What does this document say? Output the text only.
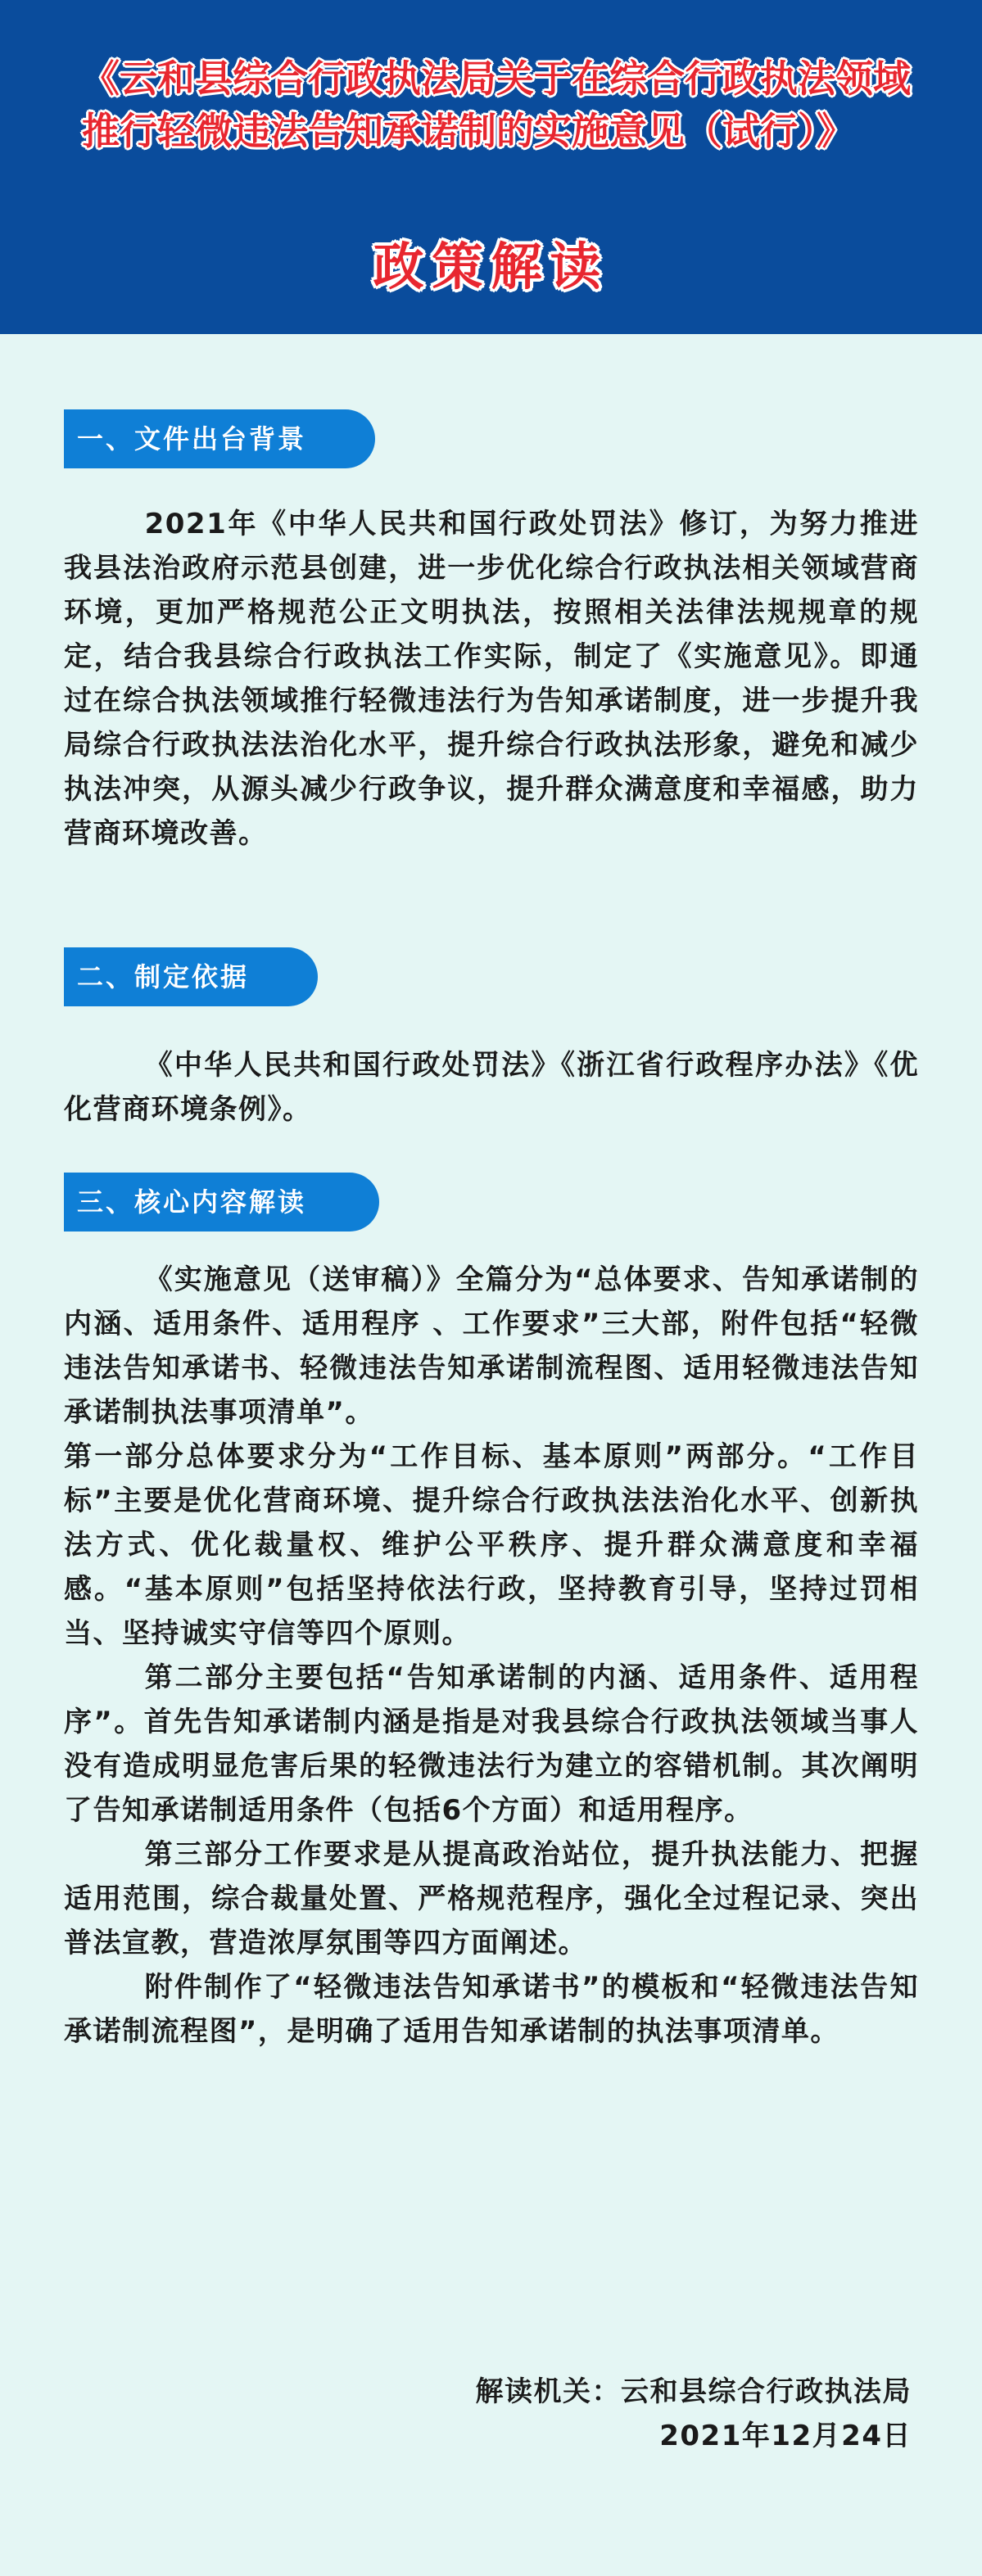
《云和县综合行政执法局关于在综合行政执法领域推行轻微违法告知承诺制的实施意见（试行）》
政策解读
一、文件出台背景

2021年《中华人民共和国行政处罚法》修订，为努力推进我县法治政府示范县创建，进一步优化综合行政执法相关领域营商环境，更加严格规范公正文明执法，按照相关法律法规规章的规定，结合我县综合行政执法工作实际，制定了《实施意见》。即通过在综合执法领域推行轻微违法行为告知承诺制度，进一步提升我局综合行政执法法治化水平，提升综合行政执法形象，避免和减少执法冲突，从源头减少行政争议，提升群众满意度和幸福感，助力营商环境改善。

二、制定依据

《中华人民共和国行政处罚法》《浙江省行政程序办法》《优化营商环境条例》。

三、核心内容解读

《实施意见（送审稿）》全篇分为“总体要求、告知承诺制的内涵、适用条件、适用程序 、工作要求”三大部，附件包括“轻微违法告知承诺书、轻微违法告知承诺制流程图、适用轻微违法告知承诺制执法事项清单”。

第一部分总体要求分为“工作目标、基本原则”两部分。“工作目标”主要是优化营商环境、提升综合行政执法法治化水平、创新执法方式、优化裁量权、维护公平秩序、提升群众满意度和幸福感。“基本原则”包括坚持依法行政，坚持教育引导，坚持过罚相当、坚持诚实守信等四个原则。

第二部分主要包括“告知承诺制的内涵、适用条件、适用程序”。首先告知承诺制内涵是指是对我县综合行政执法领域当事人没有造成明显危害后果的轻微违法行为建立的容错机制。其次阐明了告知承诺制适用条件（包括6个方面）和适用程序。

第三部分工作要求是从提高政治站位，提升执法能力、把握适用范围，综合裁量处置、严格规范程序，强化全过程记录、突出普法宣教，营造浓厚氛围等四方面阐述。

附件制作了“轻微违法告知承诺书”的模板和“轻微违法告知承诺制流程图”，是明确了适用告知承诺制的执法事项清单。

解读机关：云和县综合行政执法局

2021年12月24日
